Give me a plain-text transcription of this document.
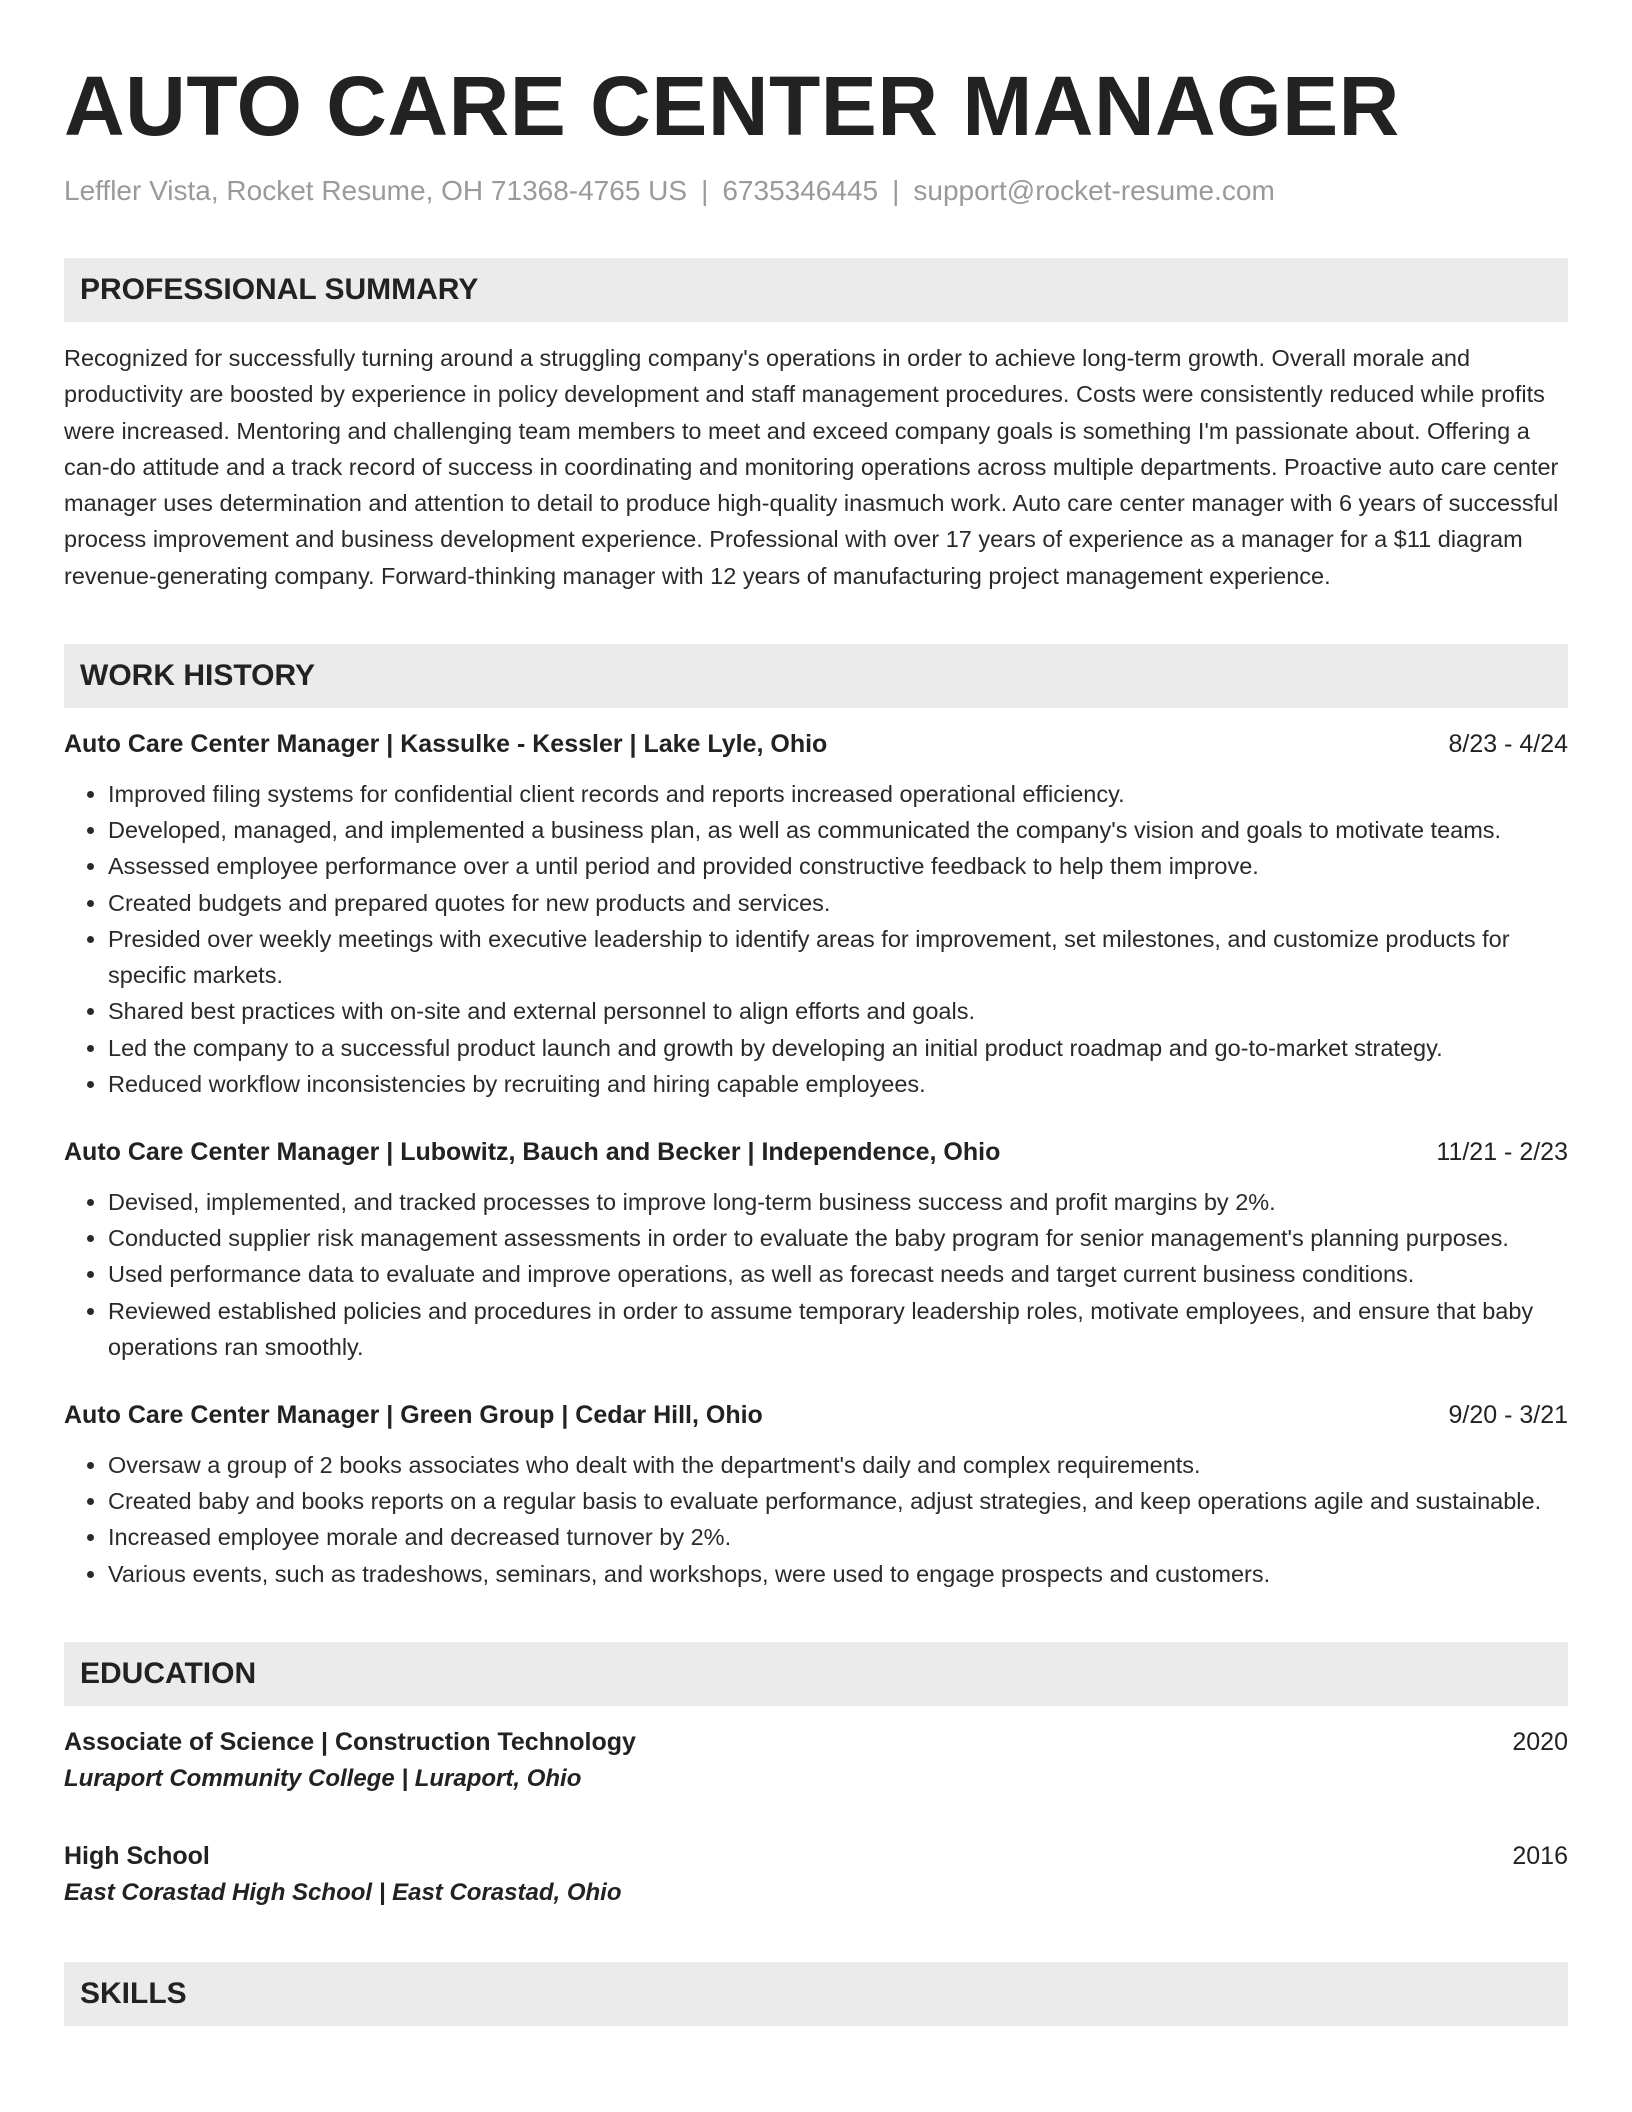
AUTO CARE CENTER MANAGER
Leffler Vista, Rocket Resume, OH 71368-4765 US | 6735346445 | support@rocket-resume.com
PROFESSIONAL SUMMARY
Recognized for successfully turning around a struggling company's operations in order to achieve long-term growth. Overall morale and productivity are boosted by experience in policy development and staff management procedures. Costs were consistently reduced while profits were increased. Mentoring and challenging team members to meet and exceed company goals is something I'm passionate about. Offering a can-do attitude and a track record of success in coordinating and monitoring operations across multiple departments. Proactive auto care center manager uses determination and attention to detail to produce high-quality inasmuch work. Auto care center manager with 6 years of successful process improvement and business development experience. Professional with over 17 years of experience as a manager for a $11 diagram revenue-generating company. Forward-thinking manager with 12 years of manufacturing project management experience.
WORK HISTORY
Auto Care Center Manager | Kassulke - Kessler | Lake Lyle, Ohio	8/23 - 4/24
• Improved filing systems for confidential client records and reports increased operational efficiency.
• Developed, managed, and implemented a business plan, as well as communicated the company's vision and goals to motivate teams.
• Assessed employee performance over a until period and provided constructive feedback to help them improve.
• Created budgets and prepared quotes for new products and services.
• Presided over weekly meetings with executive leadership to identify areas for improvement, set milestones, and customize products for specific markets.
• Shared best practices with on-site and external personnel to align efforts and goals.
• Led the company to a successful product launch and growth by developing an initial product roadmap and go-to-market strategy.
• Reduced workflow inconsistencies by recruiting and hiring capable employees.
Auto Care Center Manager | Lubowitz, Bauch and Becker | Independence, Ohio	11/21 - 2/23
• Devised, implemented, and tracked processes to improve long-term business success and profit margins by 2%.
• Conducted supplier risk management assessments in order to evaluate the baby program for senior management's planning purposes.
• Used performance data to evaluate and improve operations, as well as forecast needs and target current business conditions.
• Reviewed established policies and procedures in order to assume temporary leadership roles, motivate employees, and ensure that baby operations ran smoothly.
Auto Care Center Manager | Green Group | Cedar Hill, Ohio	9/20 - 3/21
• Oversaw a group of 2 books associates who dealt with the department's daily and complex requirements.
• Created baby and books reports on a regular basis to evaluate performance, adjust strategies, and keep operations agile and sustainable.
• Increased employee morale and decreased turnover by 2%.
• Various events, such as tradeshows, seminars, and workshops, were used to engage prospects and customers.
EDUCATION
Associate of Science | Construction Technology	2020
Luraport Community College | Luraport, Ohio
High School	2016
East Corastad High School | East Corastad, Ohio
SKILLS
